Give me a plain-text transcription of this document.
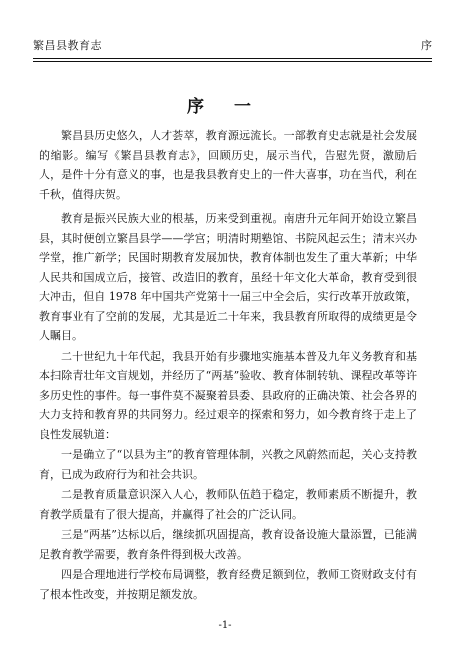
繁昌县教育志	序
序 一

繁昌县历史悠久，人才荟萃，教育源远流长。一部教育史志就是社会发展的缩影。编写《繁昌县教育志》，回顾历史，展示当代，告慰先贤，激励后人，是件十分有意义的事，也是我县教育史上的一件大喜事，功在当代，利在千秋，值得庆贺。

教育是振兴民族大业的根基，历来受到重视。南唐升元年间开始设立繁昌县，其时便创立繁昌县学——学宫；明清时期塾馆、书院风起云生；清末兴办学堂，推广新学；民国时期教育发展加快，教育体制也发生了重大革新；中华人民共和国成立后，接管、改造旧的教育，虽经十年文化大革命，教育受到很大冲击，但自 1978 年中国共产党第十一届三中全会后，实行改革开放政策，教育事业有了空前的发展，尤其是近二十年来，我县教育所取得的成绩更是令人瞩目。

二十世纪九十年代起，我县开始有步骤地实施基本普及九年义务教育和基本扫除青壮年文盲规划，并经历了“两基”验收、教育体制转轨、课程改革等许多历史性的事件。每一事件莫不凝聚着县委、县政府的正确决策、社会各界的大力支持和教育界的共同努力。经过艰辛的探索和努力，如今教育终于走上了良性发展轨道：

一是确立了“以县为主”的教育管理体制，兴教之风蔚然而起，关心支持教育，已成为政府行为和社会共识。

二是教育质量意识深入人心，教师队伍趋于稳定，教师素质不断提升，教育教学质量有了很大提高，并赢得了社会的广泛认同。

三是“两基”达标以后，继续抓巩固提高，教育设备设施大量添置，已能满足教育教学需要，教育条件得到极大改善。

四是合理地进行学校布局调整，教育经费足额到位，教师工资财政支付有了根本性改变，并按期足额发放。

-1-
